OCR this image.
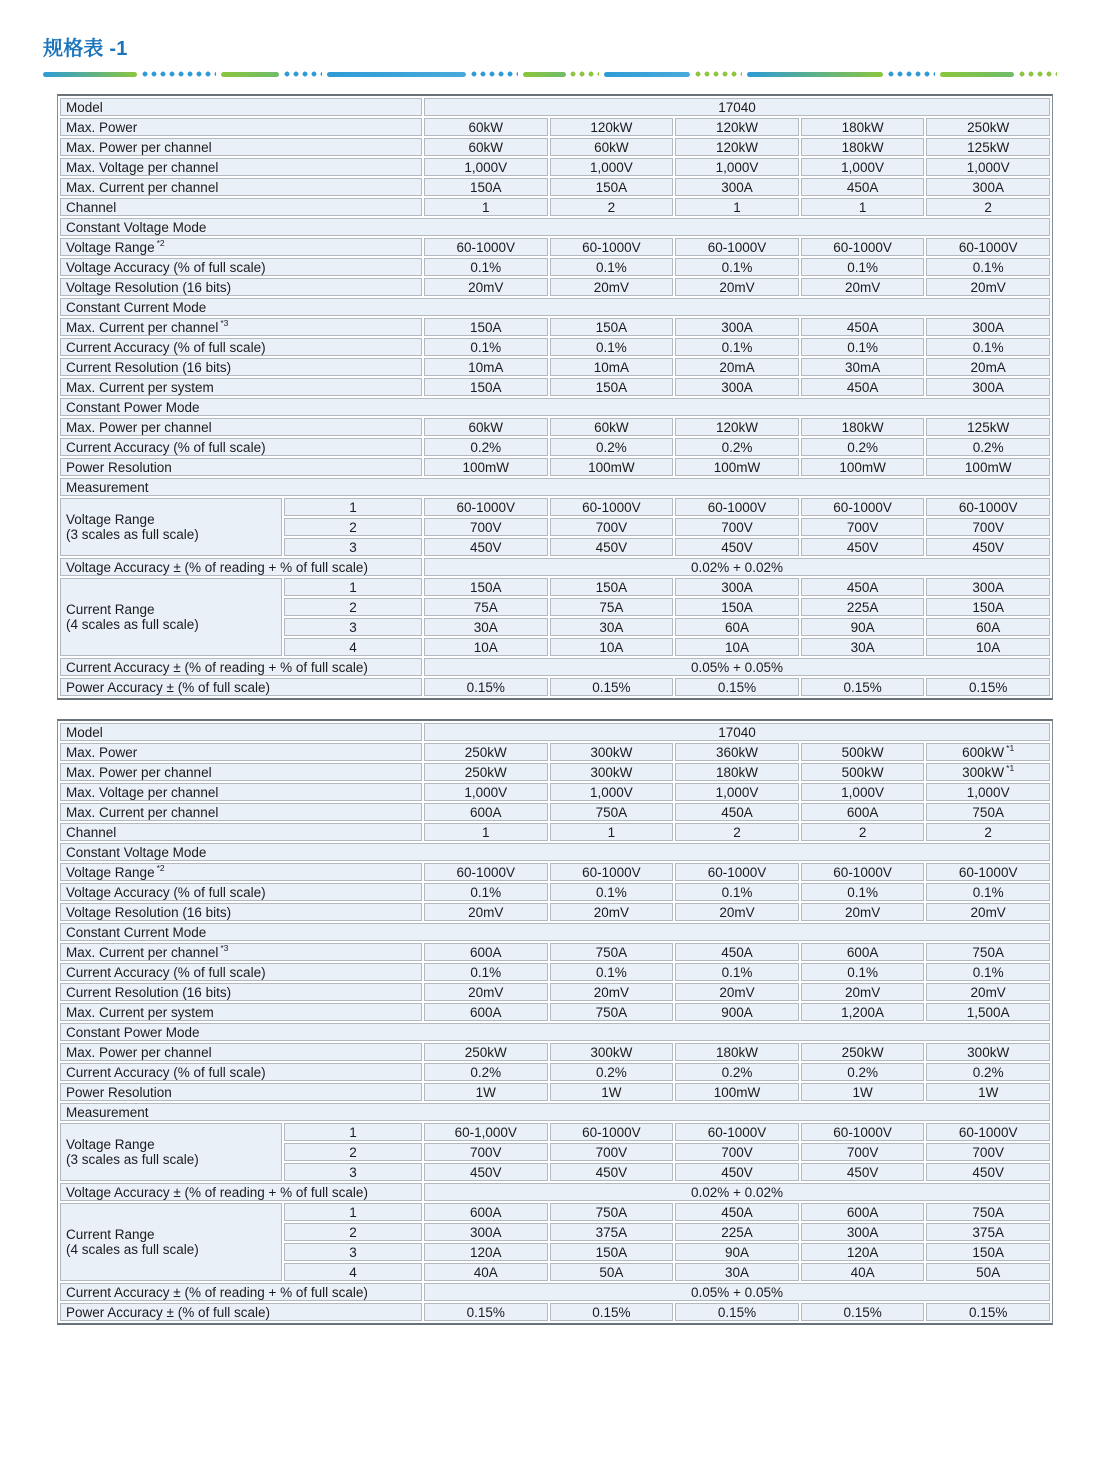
规格表 -1
Model		17040				
Max. Power		60kW	120kW	120kW	180kW	250kW
Max. Power per channel		60kW	60kW	120kW	180kW	125kW
Max. Voltage per channel		1,000V	1,000V	1,000V	1,000V	1,000V
Max. Current per channel		150A	150A	300A	450A	300A
Channel		1	2	1	1	2
Constant Voltage Mode						
Voltage Range $^{*2}$		60-1000V	60-1000V	60-1000V	60-1000V	60-1000V
Voltage Accuracy (% of full scale)		0.1%	0.1%	0.1%	0.1%	0.1%
Voltage Resolution (16 bits)		20mV	20mV	20mV	20mV	20mV
Constant Current Mode						
Max. Current per channel $^{*3}$		150A	150A	300A	450A	300A
Current Accuracy (% of full scale)		0.1%	0.1%	0.1%	0.1%	0.1%
Current Resolution (16 bits)		10mA	10mA	20mA	30mA	20mA
Max. Current per system		150A	150A	300A	450A	300A
Constant Power Mode						
Max. Power per channel		60kW	60kW	120kW	180kW	125kW
Current Accuracy (% of full scale)		0.2%	0.2%	0.2%	0.2%	0.2%
Power Resolution		100mW	100mW	100mW	100mW	100mW
Measurement						

Voltage Range
(3 scales as full scale)	1	60-1000V	60-1000V	60-1000V	60-1000V	60-1000V
	2	700V	700V	700V	700V	700V
	3	450V	450V	450V	450V	450V
Voltage Accuracy ± (% of reading + % of full scale)		0.02% + 0.02%				

Current Range
(4 scales as full scale)	1	150A	150A	300A	450A	300A
	2	75A	75A	150A	225A	150A
	3	30A	30A	60A	90A	60A
	4	10A	10A	10A	30A	10A
Current Accuracy ± (% of reading + % of full scale)		0.05% + 0.05%				
Power Accuracy ± (% of full scale)		0.15%	0.15%	0.15%	0.15%	0.15%
Model		17040				
Max. Power		250kW	300kW	360kW	500kW	600kW $^{*1}$
Max. Power per channel		250kW	300kW	180kW	500kW	300kW $^{*1}$
Max. Voltage per channel		1,000V	1,000V	1,000V	1,000V	1,000V
Max. Current per channel		600A	750A	450A	600A	750A
Channel		1	1	2	2	2
Constant Voltage Mode						
Voltage Range $^{*2}$		60-1000V	60-1000V	60-1000V	60-1000V	60-1000V
Voltage Accuracy (% of full scale)		0.1%	0.1%	0.1%	0.1%	0.1%
Voltage Resolution (16 bits)		20mV	20mV	20mV	20mV	20mV
Constant Current Mode						
Max. Current per channel $^{*3}$		600A	750A	450A	600A	750A
Current Accuracy (% of full scale)		0.1%	0.1%	0.1%	0.1%	0.1%
Current Resolution (16 bits)		20mV	20mV	20mV	20mV	20mV
Max. Current per system		600A	750A	900A	1,200A	1,500A
Constant Power Mode						
Max. Power per channel		250kW	300kW	180kW	250kW	300kW
Current Accuracy (% of full scale)		0.2%	0.2%	0.2%	0.2%	0.2%
Power Resolution		1W	1W	100mW	1W	1W
Measurement						

Voltage Range
(3 scales as full scale)	1	60-1,000V	60-1000V	60-1000V	60-1000V	60-1000V
	2	700V	700V	700V	700V	700V
	3	450V	450V	450V	450V	450V
Voltage Accuracy ± (% of reading + % of full scale)		0.02% + 0.02%				

Current Range
(4 scales as full scale)	1	600A	750A	450A	600A	750A
	2	300A	375A	225A	300A	375A
	3	120A	150A	90A	120A	150A
	4	40A	50A	30A	40A	50A
Current Accuracy ± (% of reading + % of full scale)		0.05% + 0.05%				
Power Accuracy ± (% of full scale)		0.15%	0.15%	0.15%	0.15%	0.15%
